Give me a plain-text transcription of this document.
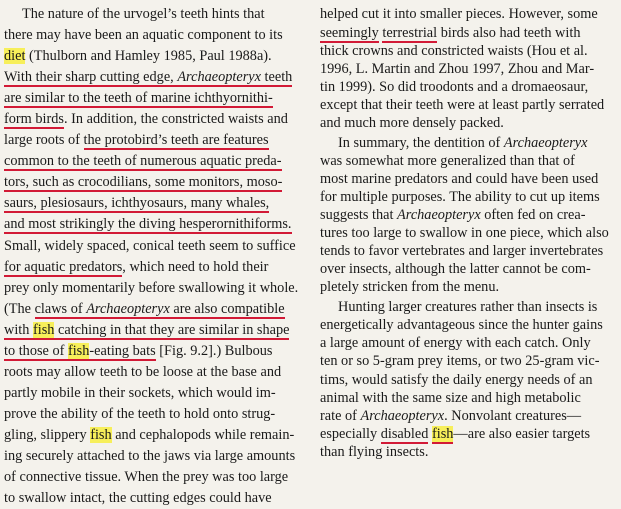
The nature of the urvogel’s teeth hints that
there may have been an aquatic component to its
diet (Thulborn and Hamley 1985, Paul 1988a).
With their sharp cutting edge, Archaeopteryx teeth
are similar to the teeth of marine ichthyornithi-
form birds. In addition, the constricted waists and
large roots of the protobird’s teeth are features
common to the teeth of numerous aquatic preda-
tors, such as crocodilians, some monitors, moso-
saurs, plesiosaurs, ichthyosaurs, many whales,
and most strikingly the diving hesperornithiforms.
Small, widely spaced, conical teeth seem to suffice
for aquatic predators, which need to hold their
prey only momentarily before swallowing it whole.
(The claws of Archaeopteryx are also compatible
with fish catching in that they are similar in shape
to those of fish-eating bats [Fig. 9.2].) Bulbous
roots may allow teeth to be loose at the base and
partly mobile in their sockets, which would im-
prove the ability of the teeth to hold onto strug-
gling, slippery fish and cephalopods while remain-
ing securely attached to the jaws via large amounts
of connective tissue. When the prey was too large
to swallow intact, the cutting edges could have
helped cut it into smaller pieces. However, some
seemingly terrestrial birds also had teeth with
thick crowns and constricted waists (Hou et al.
1996, L. Martin and Zhou 1997, Zhou and Mar-
tin 1999). So did troodonts and a dromaeosaur,
except that their teeth were at least partly serrated
and much more densely packed.
In summary, the dentition of Archaeopteryx
was somewhat more generalized than that of
most marine predators and could have been used
for multiple purposes. The ability to cut up items
suggests that Archaeopteryx often fed on crea-
tures too large to swallow in one piece, which also
tends to favor vertebrates and larger invertebrates
over insects, although the latter cannot be com-
pletely stricken from the menu.
Hunting larger creatures rather than insects is
energetically advantageous since the hunter gains
a large amount of energy with each catch. Only
ten or so 5-gram prey items, or two 25-gram vic-
tims, would satisfy the daily energy needs of an
animal with the same size and high metabolic
rate of Archaeopteryx. Nonvolant creatures—
especially disabled fish—are also easier targets
than flying insects.
